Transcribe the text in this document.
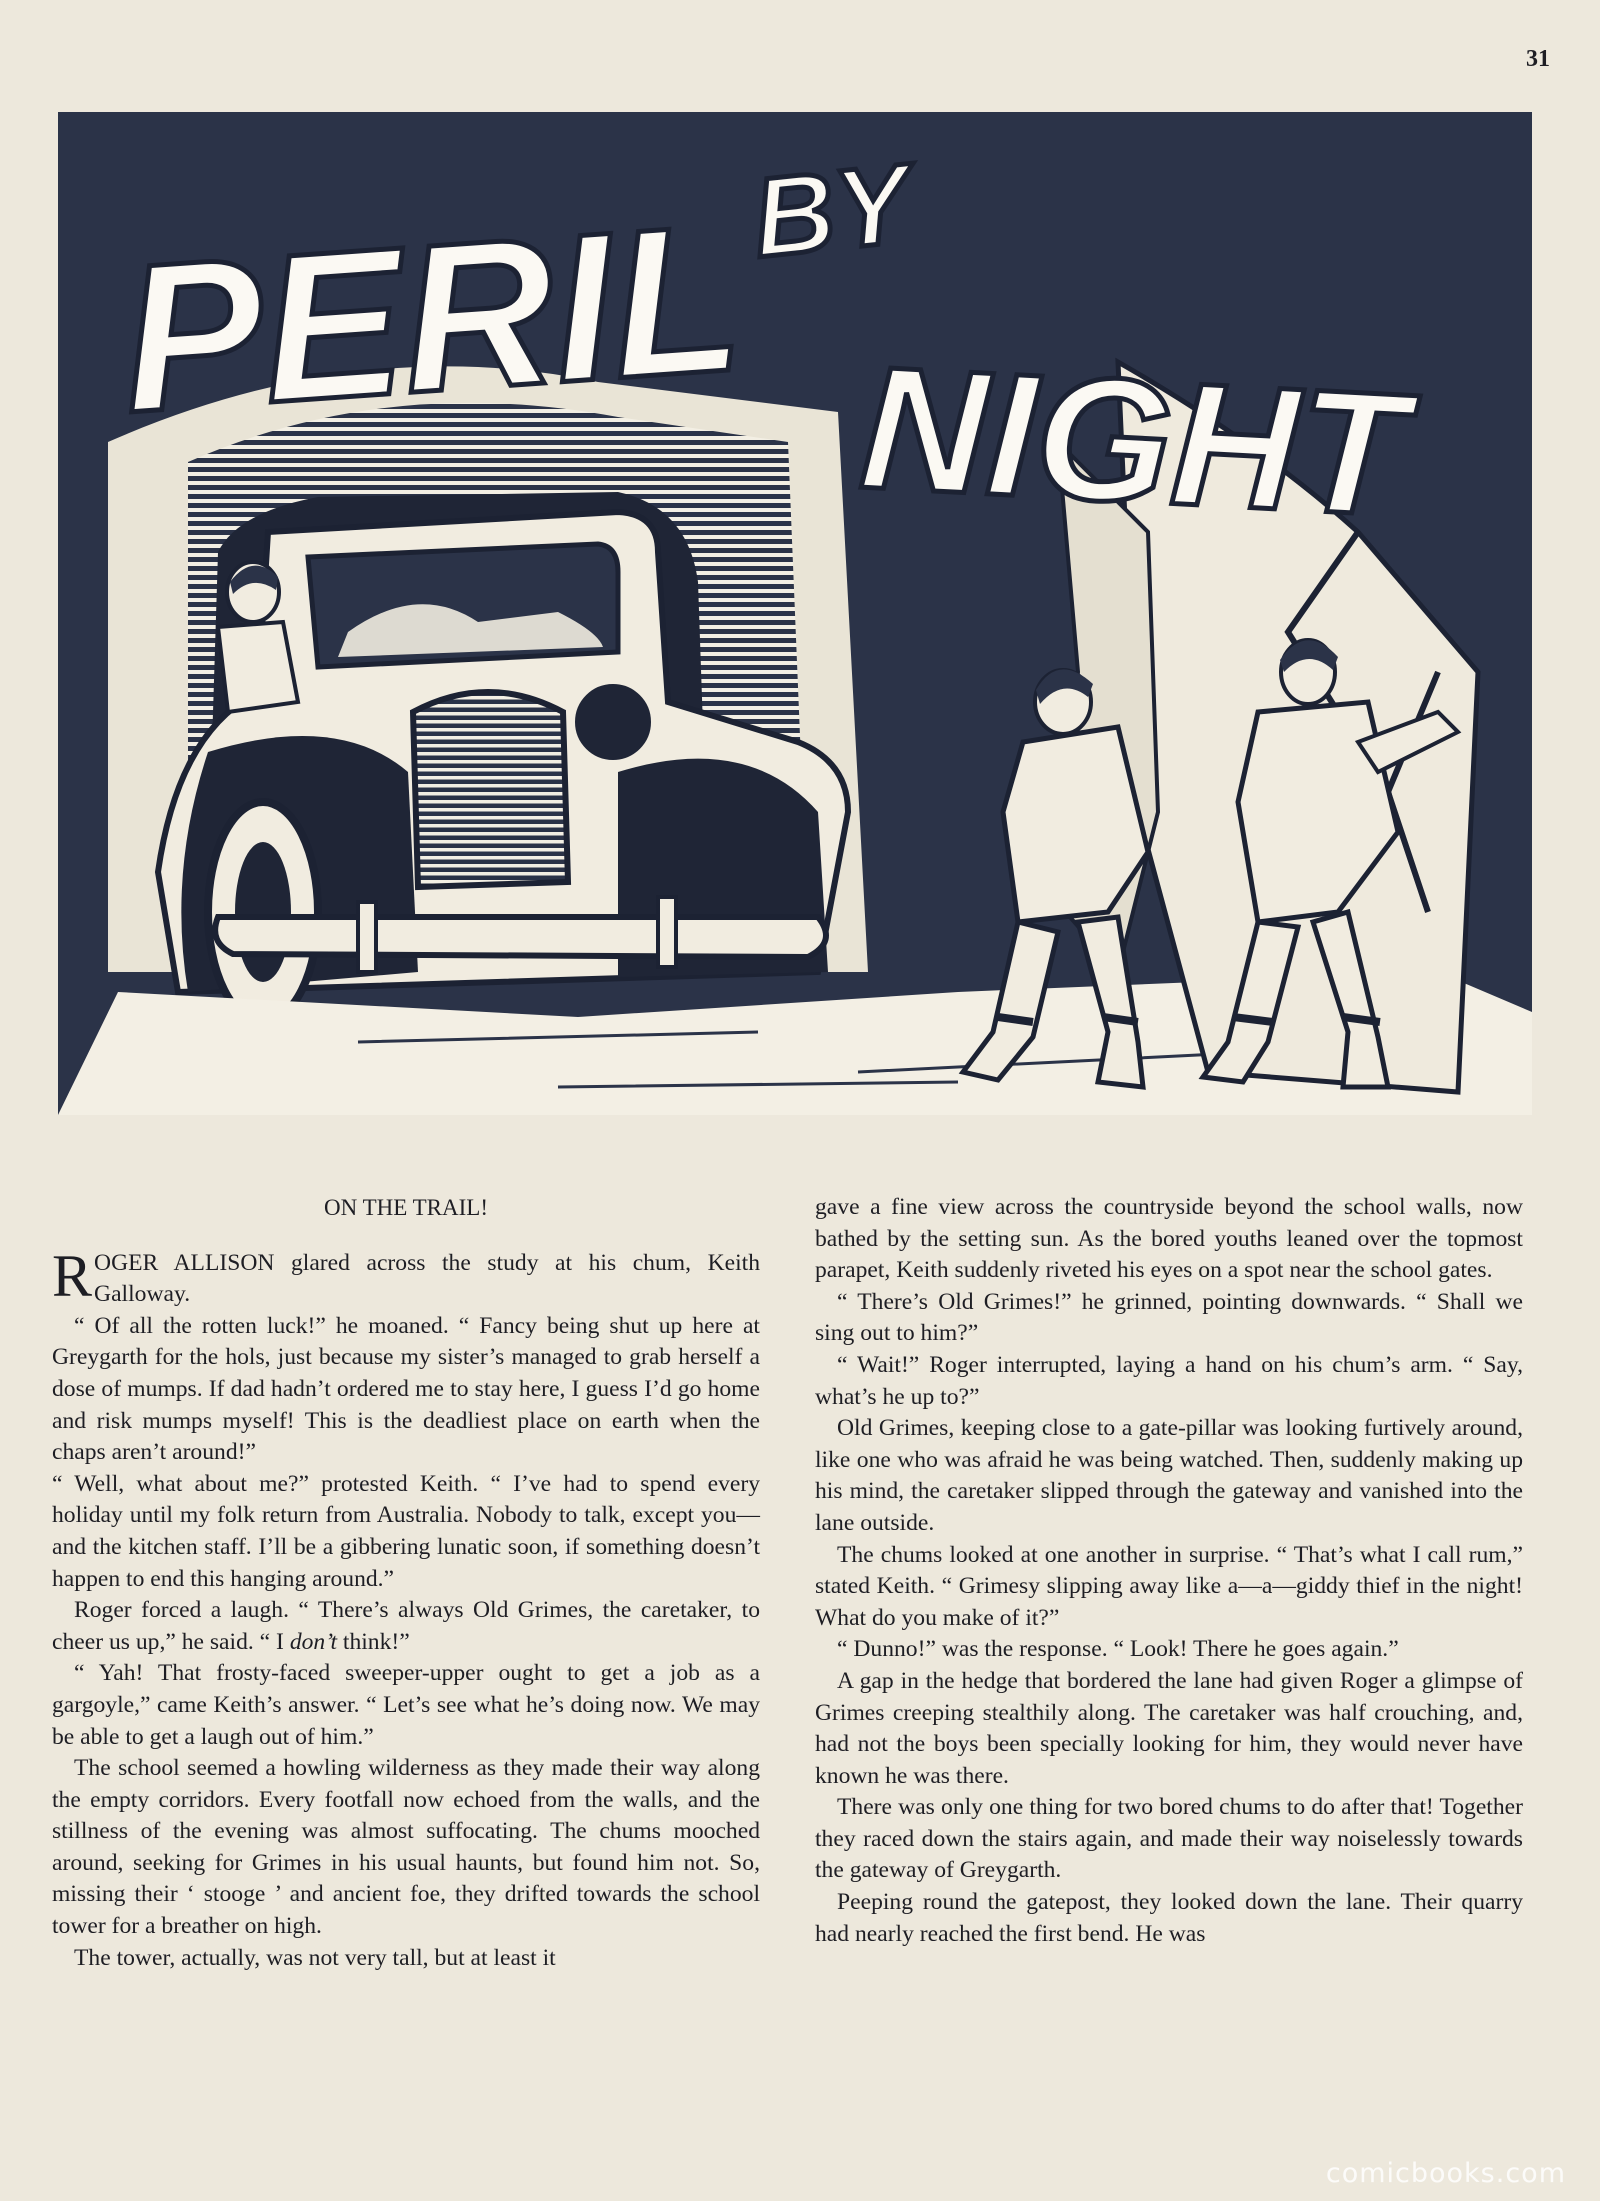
31
PERIL BY
NIGHT
ON THE TRAIL!

ROGER ALLISON glared across the study at his chum, Keith Galloway.

“ Of all the rotten luck!” he moaned. “ Fancy being shut up here at Greygarth for the hols, just because my sister’s managed to grab herself a dose of mumps. If dad hadn’t ordered me to stay here, I guess I’d go home and risk mumps myself! This is the deadliest place on earth when the chaps aren’t around!”

“ Well, what about me?” protested Keith. “ I’ve had to spend every holiday until my folk return from Australia. Nobody to talk, except you—and the kitchen staff. I’ll be a gibbering lunatic soon, if something doesn’t happen to end this hanging around.”

Roger forced a laugh. “ There’s always Old Grimes, the caretaker, to cheer us up,” he said. “ I don’t think!”

“ Yah! That frosty-faced sweeper-upper ought to get a job as a gargoyle,” came Keith’s answer. “ Let’s see what he’s doing now. We may be able to get a laugh out of him.”

The school seemed a howling wilderness as they made their way along the empty corridors. Every footfall now echoed from the walls, and the stillness of the evening was almost suffocating. The chums mooched around, seeking for Grimes in his usual haunts, but found him not. So, missing their ‘ stooge ’ and ancient foe, they drifted towards the school tower for a breather on high.

The tower, actually, was not very tall, but at least it

gave a fine view across the countryside beyond the school walls, now bathed by the setting sun. As the bored youths leaned over the topmost parapet, Keith suddenly riveted his eyes on a spot near the school gates.

“ There’s Old Grimes!” he grinned, pointing downwards. “ Shall we sing out to him?”

“ Wait!” Roger interrupted, laying a hand on his chum’s arm. “ Say, what’s he up to?”

Old Grimes, keeping close to a gate-pillar was looking furtively around, like one who was afraid he was being watched. Then, suddenly making up his mind, the caretaker slipped through the gateway and vanished into the lane outside.

The chums looked at one another in surprise. “ That’s what I call rum,” stated Keith. “ Grimesy slipping away like a—a—giddy thief in the night! What do you make of it?”

“ Dunno!” was the response. “ Look! There he goes again.”

A gap in the hedge that bordered the lane had given Roger a glimpse of Grimes creeping stealthily along. The caretaker was half crouching, and, had not the boys been specially looking for him, they would never have known he was there.

There was only one thing for two bored chums to do after that! Together they raced down the stairs again, and made their way noiselessly towards the gateway of Greygarth.

Peeping round the gatepost, they looked down the lane. Their quarry had nearly reached the first bend. He was

comicbooks.com
